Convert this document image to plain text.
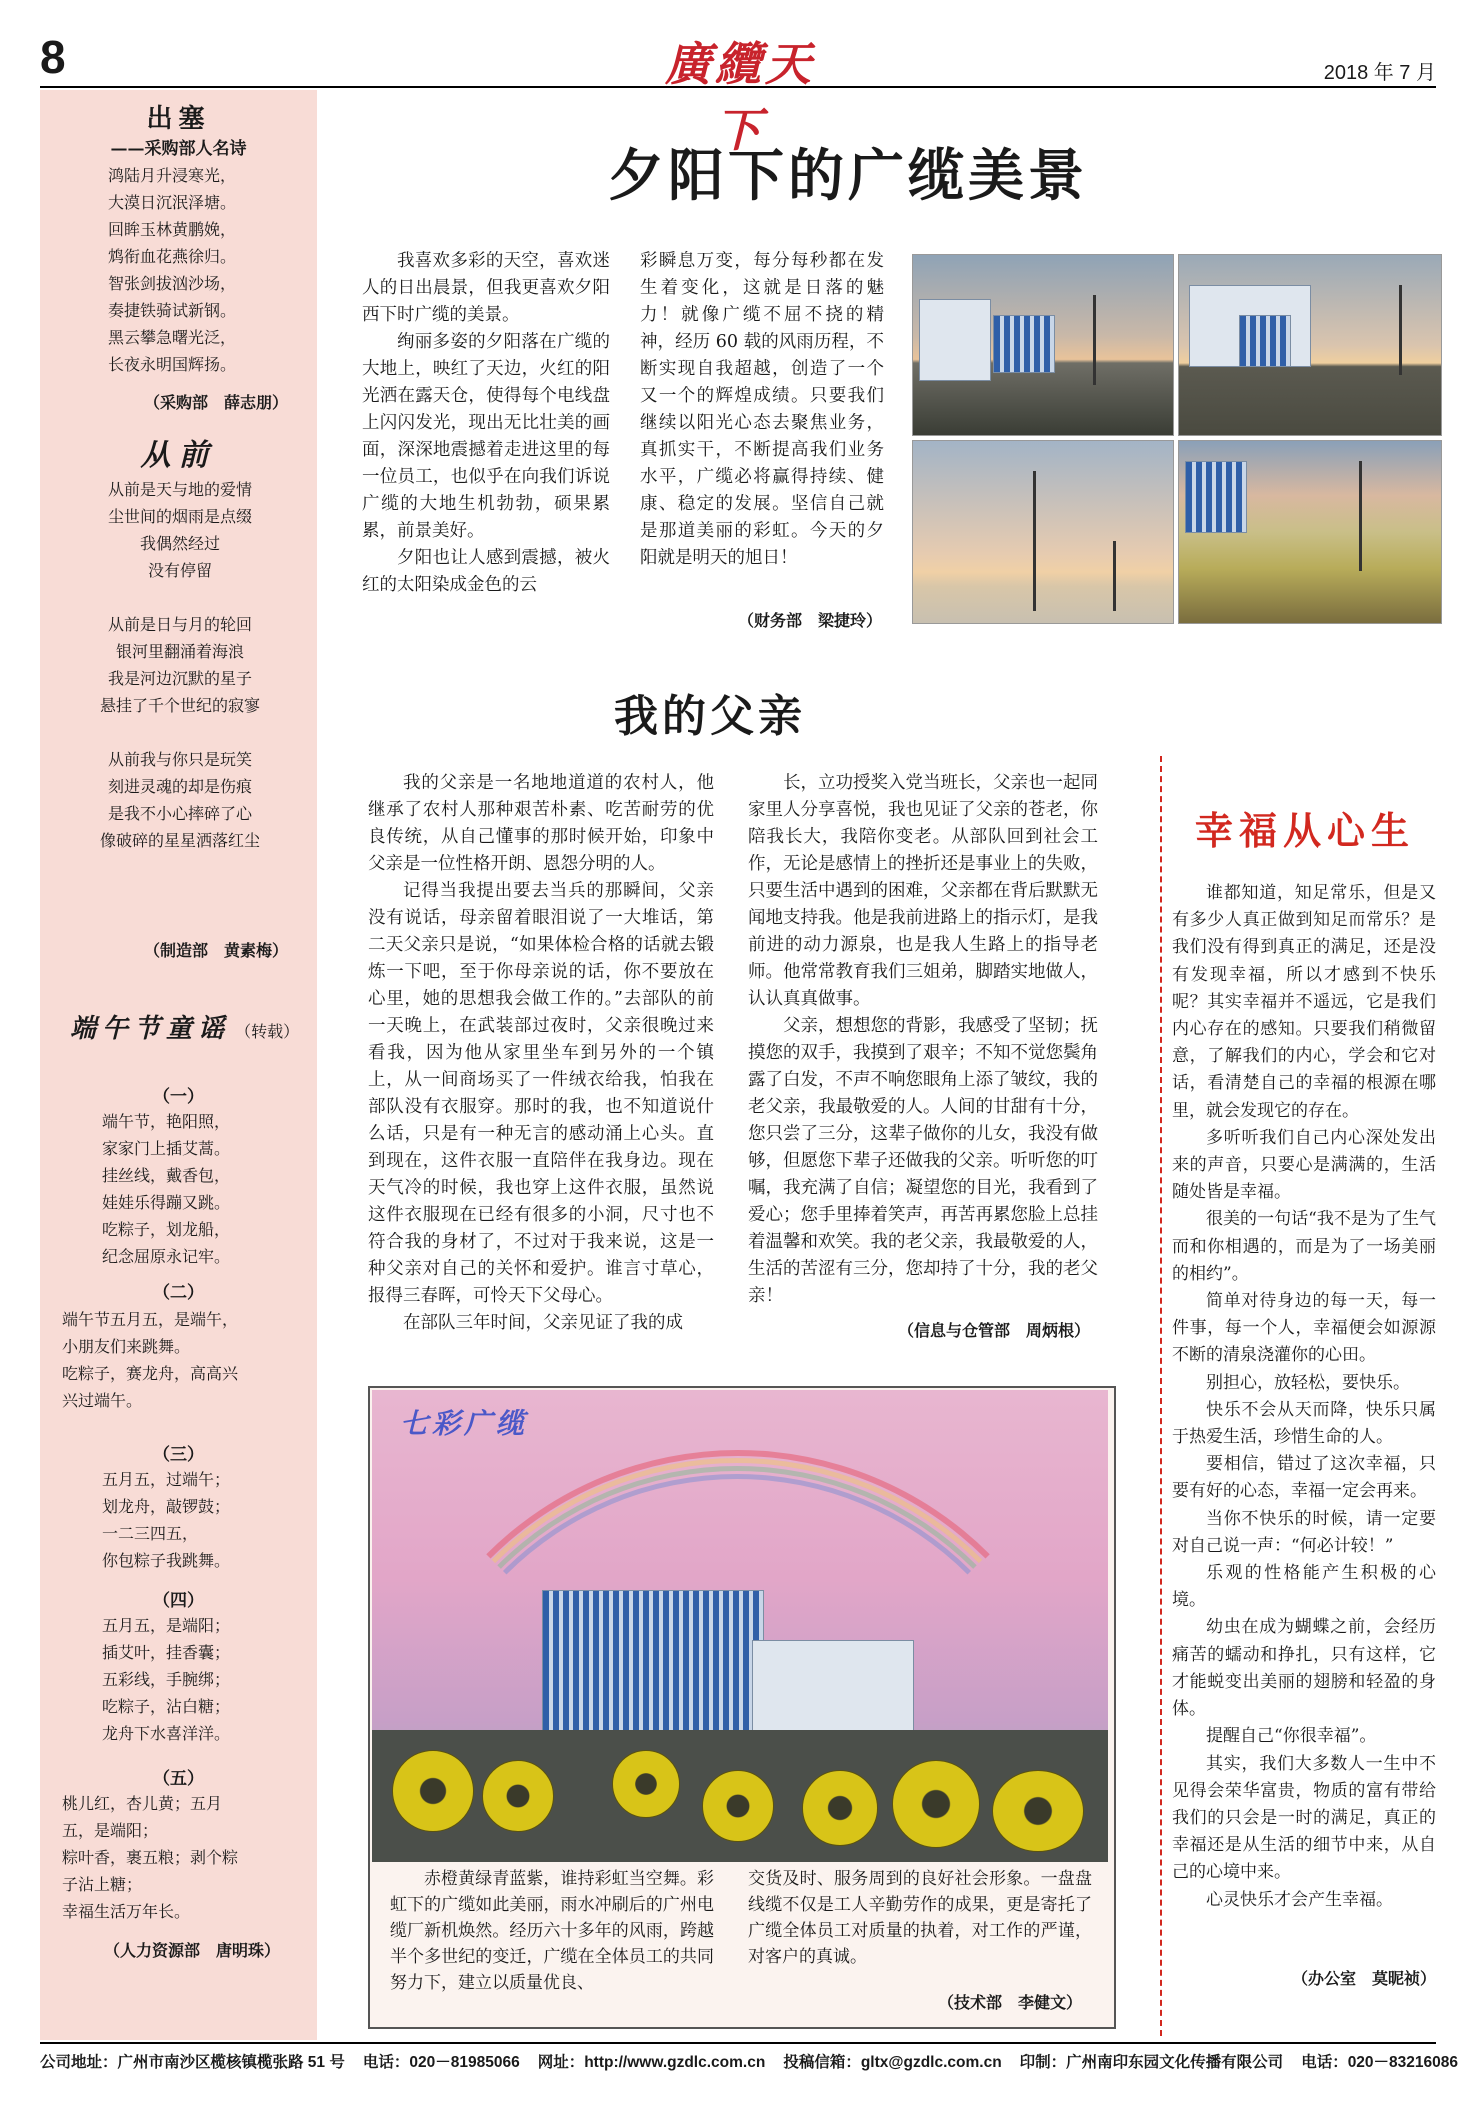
8	廣纜天下
2018 年 7 月
出塞
——采购部人名诗
鸿陆月升浸寒光，
大漠日沉泯泽塘。
回眸玉林黄鹏娩，
鸩衔血花燕徐归。
智张剑拔汹沙场，
奏捷铁骑试新钢。
黑云攀急曙光泛，
长夜永明国辉扬。
（采购部　薛志朋）
从前
从前是天与地的爱情
尘世间的烟雨是点缀
我偶然经过
没有停留

从前是日与月的轮回
银河里翻涌着海浪
我是河边沉默的星子
悬挂了千个世纪的寂寥

从前我与你只是玩笑
刻进灵魂的却是伤痕
是我不小心摔碎了心
像破碎的星星洒落红尘
（制造部　黄素梅）
端午节童谣 （转载）
（一）
端午节，艳阳照，
家家门上插艾蒿。
挂丝线，戴香包，
娃娃乐得蹦又跳。
吃粽子，划龙船，
纪念屈原永记牢。
（二）
端午节五月五，是端午，
小朋友们来跳舞。
吃粽子，赛龙舟，高高兴
兴过端午。
（三）
五月五，过端午；
划龙舟，敲锣鼓；
一二三四五，
你包粽子我跳舞。
（四）
五月五，是端阳；
插艾叶，挂香囊；
五彩线，手腕绑；
吃粽子，沾白糖；
龙舟下水喜洋洋。
（五）
桃儿红，杏儿黄；五月
五，是端阳；
粽叶香，裹五粮；剥个粽
子沾上糖；
幸福生活万年长。
（人力资源部　唐明珠）
夕阳下的广缆美景

我喜欢多彩的天空，喜欢迷人的日出晨景，但我更喜欢夕阳西下时广缆的美景。

绚丽多姿的夕阳落在广缆的大地上，映红了天边，火红的阳光洒在露天仓，使得每个电线盘上闪闪发光，现出无比壮美的画面，深深地震撼着走进这里的每一位员工，也似乎在向我们诉说广缆的大地生机勃勃，硕果累累，前景美好。

夕阳也让人感到震撼，被火红的太阳染成金色的云

彩瞬息万变，每分每秒都在发生着变化，这就是日落的魅力！就像广缆不屈不挠的精神，经历 60 载的风雨历程，不断实现自我超越，创造了一个又一个的辉煌成绩。只要我们继续以阳光心态去聚焦业务，真抓实干，不断提高我们业务水平，广缆必将赢得持续、健康、稳定的发展。坚信自己就是那道美丽的彩虹。今天的夕阳就是明天的旭日！
（财务部　梁捷玲）
我的父亲

我的父亲是一名地地道道的农村人，他继承了农村人那种艰苦朴素、吃苦耐劳的优良传统，从自己懂事的那时候开始，印象中父亲是一位性格开朗、恩怨分明的人。

记得当我提出要去当兵的那瞬间，父亲没有说话，母亲留着眼泪说了一大堆话，第二天父亲只是说，“如果体检合格的话就去锻炼一下吧，至于你母亲说的话，你不要放在心里，她的思想我会做工作的。”去部队的前一天晚上，在武装部过夜时，父亲很晚过来看我，因为他从家里坐车到另外的一个镇上，从一间商场买了一件绒衣给我，怕我在部队没有衣服穿。那时的我，也不知道说什么话，只是有一种无言的感动涌上心头。直到现在，这件衣服一直陪伴在我身边。现在天气冷的时候，我也穿上这件衣服，虽然说这件衣服现在已经有很多的小洞，尺寸也不符合我的身材了，不过对于我来说，这是一种父亲对自己的关怀和爱护。谁言寸草心，报得三春晖，可怜天下父母心。

在部队三年时间，父亲见证了我的成

长，立功授奖入党当班长，父亲也一起同家里人分享喜悦，我也见证了父亲的苍老，你陪我长大，我陪你变老。从部队回到社会工作，无论是感情上的挫折还是事业上的失败，只要生活中遇到的困难，父亲都在背后默默无闻地支持我。他是我前进路上的指示灯，是我前进的动力源泉，也是我人生路上的指导老师。他常常教育我们三姐弟，脚踏实地做人，认认真真做事。

父亲，想想您的背影，我感受了坚韧；抚摸您的双手，我摸到了艰辛；不知不觉您鬓角露了白发，不声不响您眼角上添了皱纹，我的老父亲，我最敬爱的人。人间的甘甜有十分，您只尝了三分，这辈子做你的儿女，我没有做够，但愿您下辈子还做我的父亲。听听您的叮嘱，我充满了自信；凝望您的目光，我看到了爱心；您手里捧着笑声，再苦再累您脸上总挂着温馨和欢笑。我的老父亲，我最敬爱的人，生活的苦涩有三分，您却持了十分，我的老父亲！

（信息与仓管部　周炳根）
七彩广缆

赤橙黄绿青蓝紫，谁持彩虹当空舞。彩虹下的广缆如此美丽，雨水冲刷后的广州电缆厂新机焕然。经历六十多年的风雨，跨越半个多世纪的变迁，广缆在全体员工的共同努力下，建立以质量优良、

交货及时、服务周到的良好社会形象。一盘盘线缆不仅是工人辛勤劳作的成果，更是寄托了广缆全体员工对质量的执着，对工作的严谨，对客户的真诚。
（技术部　李健文）
幸福从心生

谁都知道，知足常乐，但是又有多少人真正做到知足而常乐？是我们没有得到真正的满足，还是没有发现幸福，所以才感到不快乐呢？其实幸福并不遥远，它是我们内心存在的感知。只要我们稍微留意，了解我们的内心，学会和它对话，看清楚自己的幸福的根源在哪里，就会发现它的存在。

多听听我们自己内心深处发出来的声音，只要心是满满的，生活随处皆是幸福。

很美的一句话“我不是为了生气而和你相遇的，而是为了一场美丽的相约”。

简单对待身边的每一天，每一件事，每一个人，幸福便会如源源不断的清泉浇灌你的心田。

别担心，放轻松，要快乐。

快乐不会从天而降，快乐只属于热爱生活，珍惜生命的人。

要相信，错过了这次幸福，只要有好的心态，幸福一定会再来。

当你不快乐的时候，请一定要对自己说一声：“何必计较！”

乐观的性格能产生积极的心境。

幼虫在成为蝴蝶之前，会经历痛苦的蠕动和挣扎，只有这样，它才能蜕变出美丽的翅膀和轻盈的身体。

提醒自己“你很幸福”。

其实，我们大多数人一生中不见得会荣华富贵，物质的富有带给我们的只会是一时的满足，真正的幸福还是从生活的细节中来，从自己的心境中来。

心灵快乐才会产生幸福。

（办公室　莫昵祯）
公司地址：广州市南沙区榄核镇榄张路 51 号 电话：020－81985066 网址：http://www.gzdlc.com.cn 投稿信箱：gltx@gzdlc.com.cn 印制：广州南印东园文化传播有限公司 电话：020－83216086
